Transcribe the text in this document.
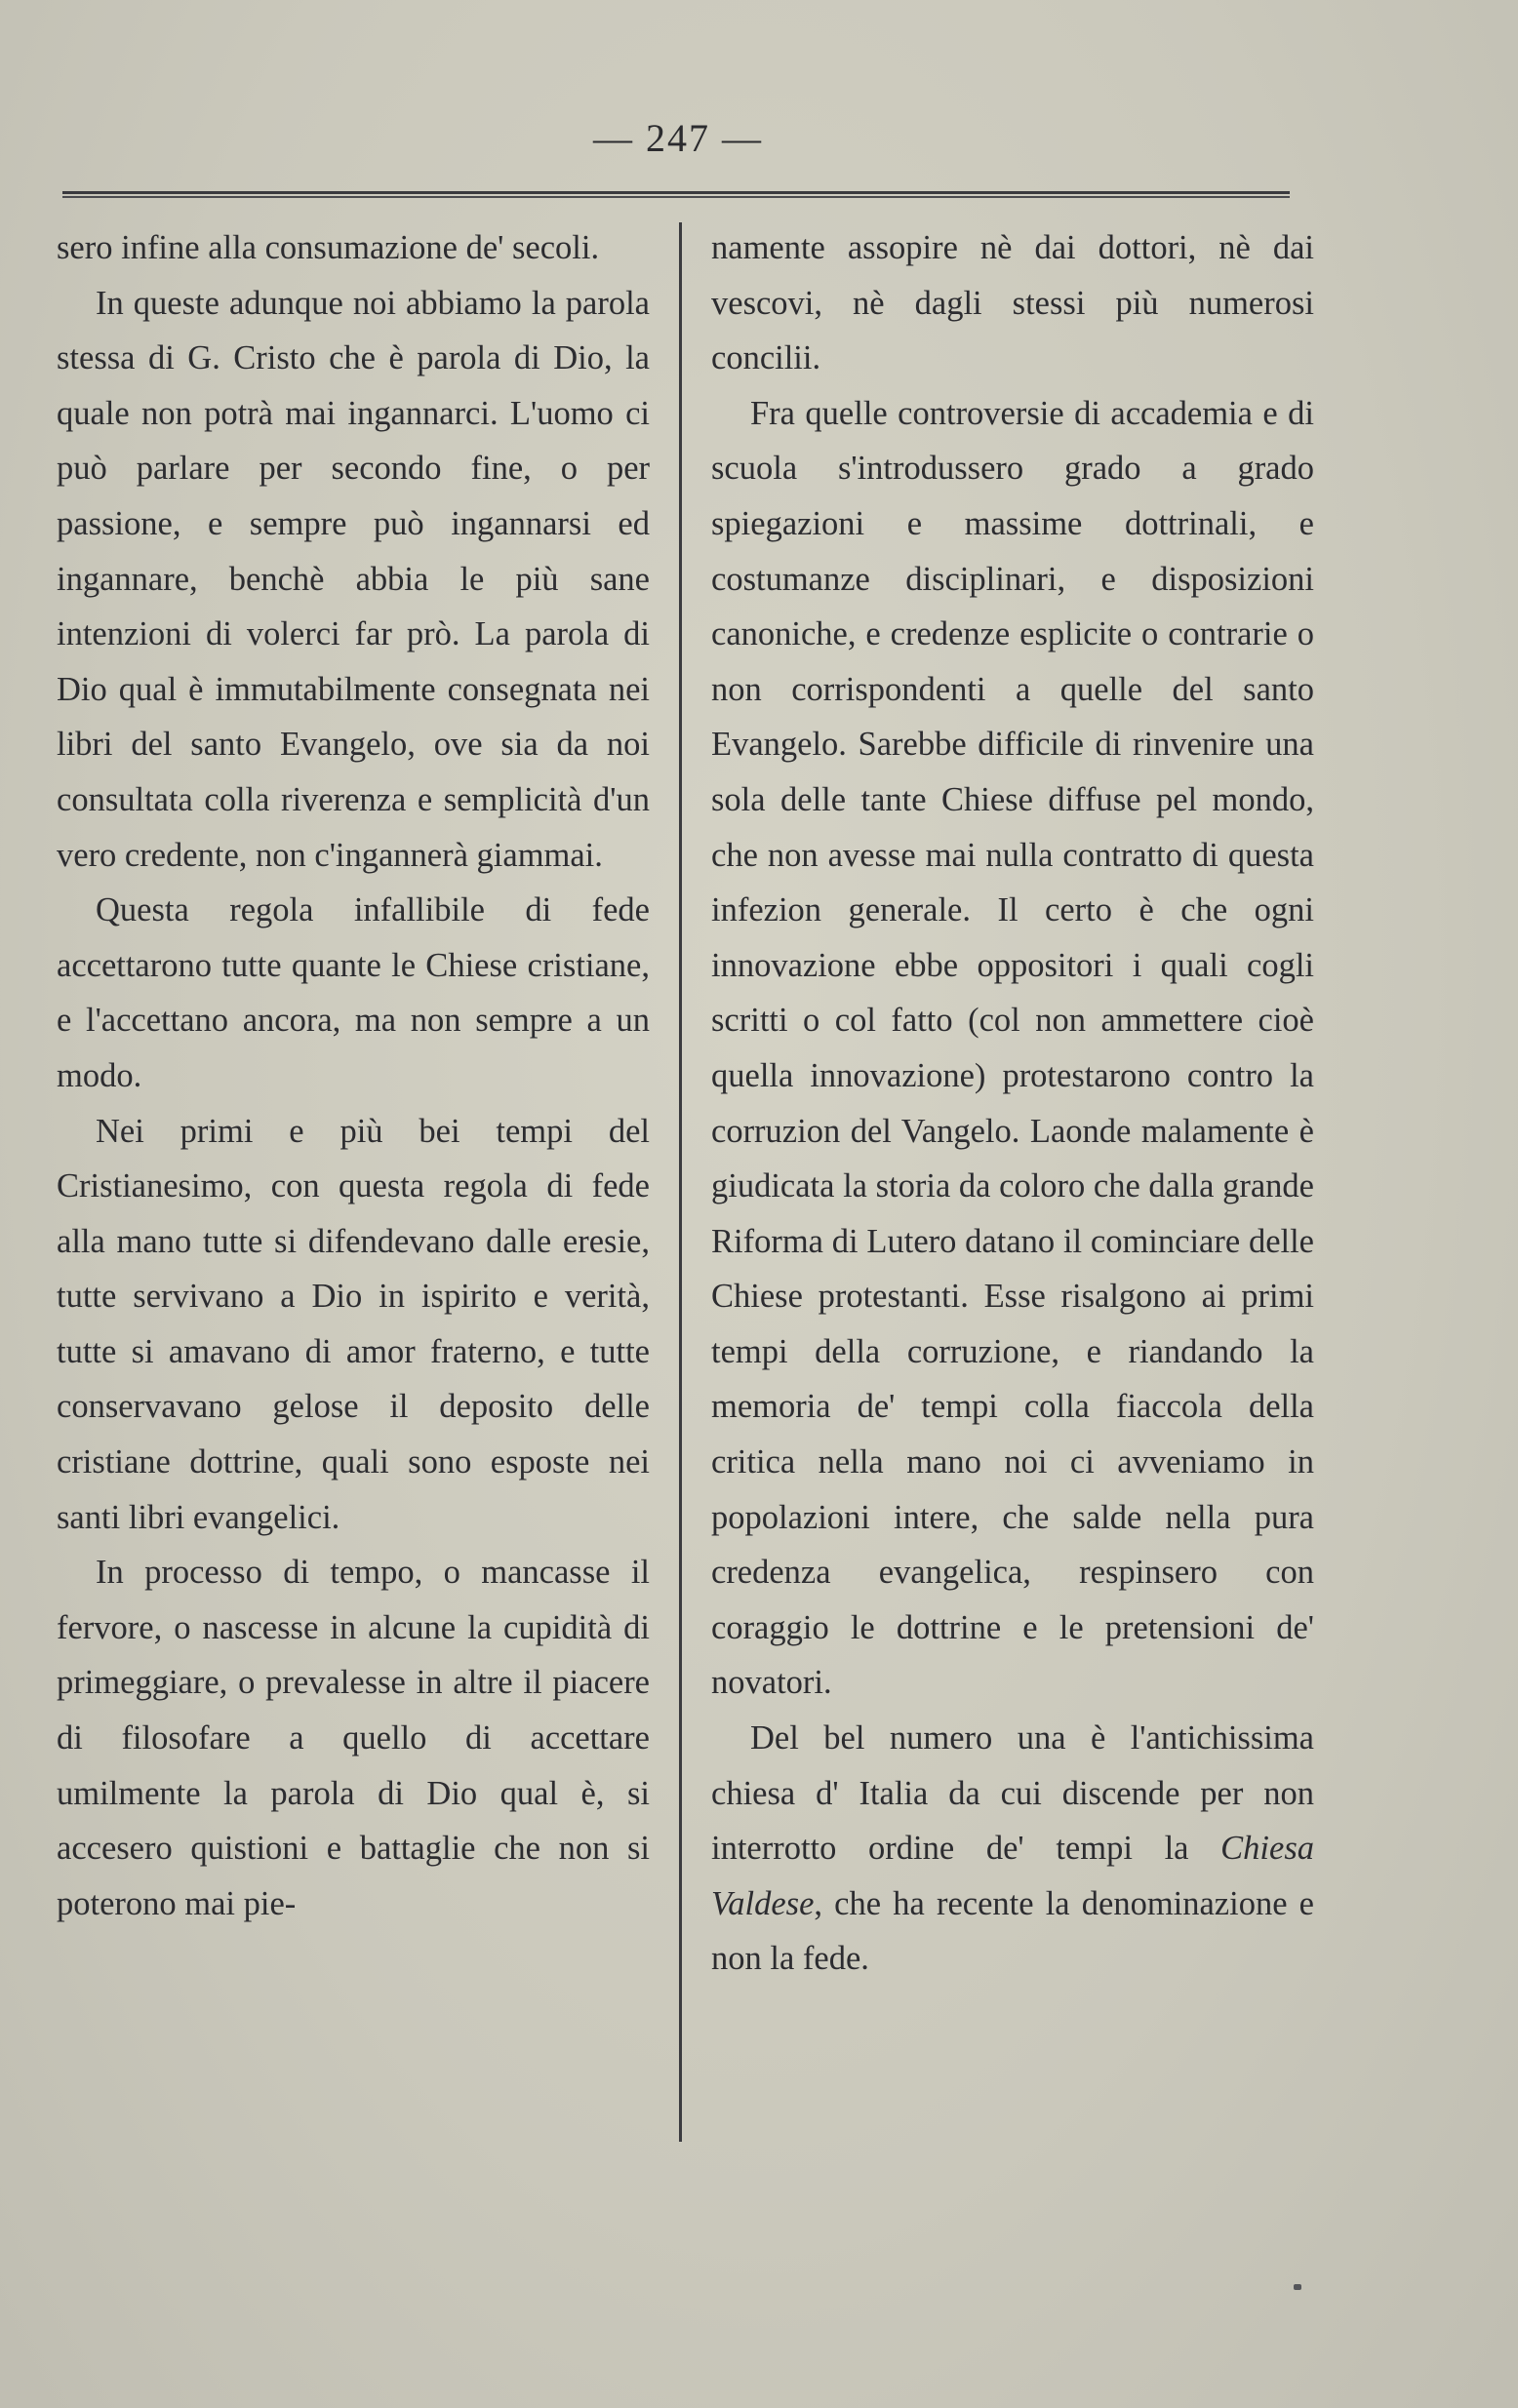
— 247 —

sero infine alla consumazione de' secoli.

In queste adunque noi abbiamo la parola stessa di G. Cristo che è parola di Dio, la quale non potrà mai ingannarci. L'uomo ci può parlare per secondo fine, o per passione, e sempre può ingannarsi ed ingannare, benchè abbia le più sane intenzioni di volerci far prò. La parola di Dio qual è immutabilmente consegnata nei libri del santo Evangelo, ove sia da noi consultata colla riverenza e semplicità d'un vero credente, non c'ingannerà giammai.

Questa regola infallibile di fede accettarono tutte quante le Chiese cristiane, e l'accettano ancora, ma non sempre a un modo.

Nei primi e più bei tempi del Cristianesimo, con questa regola di fede alla mano tutte si difendevano dalle eresie, tutte servivano a Dio in ispirito e verità, tutte si amavano di amor fraterno, e tutte conservavano gelose il deposito delle cristiane dottrine, quali sono esposte nei santi libri evangelici.

In processo di tempo, o mancasse il fervore, o nascesse in alcune la cupidità di primeggiare, o prevalesse in altre il piacere di filosofare a quello di accettare umilmente la parola di Dio qual è, si accesero quistioni e battaglie che non si poterono mai pie-

namente assopire nè dai dottori, nè dai vescovi, nè dagli stessi più numerosi concilii.

Fra quelle controversie di accademia e di scuola s'introdussero grado a grado spiegazioni e massime dottrinali, e costumanze disciplinari, e disposizioni canoniche, e credenze esplicite o contrarie o non corrispondenti a quelle del santo Evangelo. Sarebbe difficile di rinvenire una sola delle tante Chiese diffuse pel mondo, che non avesse mai nulla contratto di questa infezion generale. Il certo è che ogni innovazione ebbe oppositori i quali cogli scritti o col fatto (col non ammettere cioè quella innovazione) protestarono contro la corruzion del Vangelo. Laonde malamente è giudicata la storia da coloro che dalla grande Riforma di Lutero datano il cominciare delle Chiese protestanti. Esse risalgono ai primi tempi della corruzione, e riandando la memoria de' tempi colla fiaccola della critica nella mano noi ci avveniamo in popolazioni intere, che salde nella pura credenza evangelica, respinsero con coraggio le dottrine e le pretensioni de' novatori.

Del bel numero una è l'antichissima chiesa d' Italia da cui discende per non interrotto ordine de' tempi la Chiesa Valdese, che ha recente la denominazione e non la fede.
